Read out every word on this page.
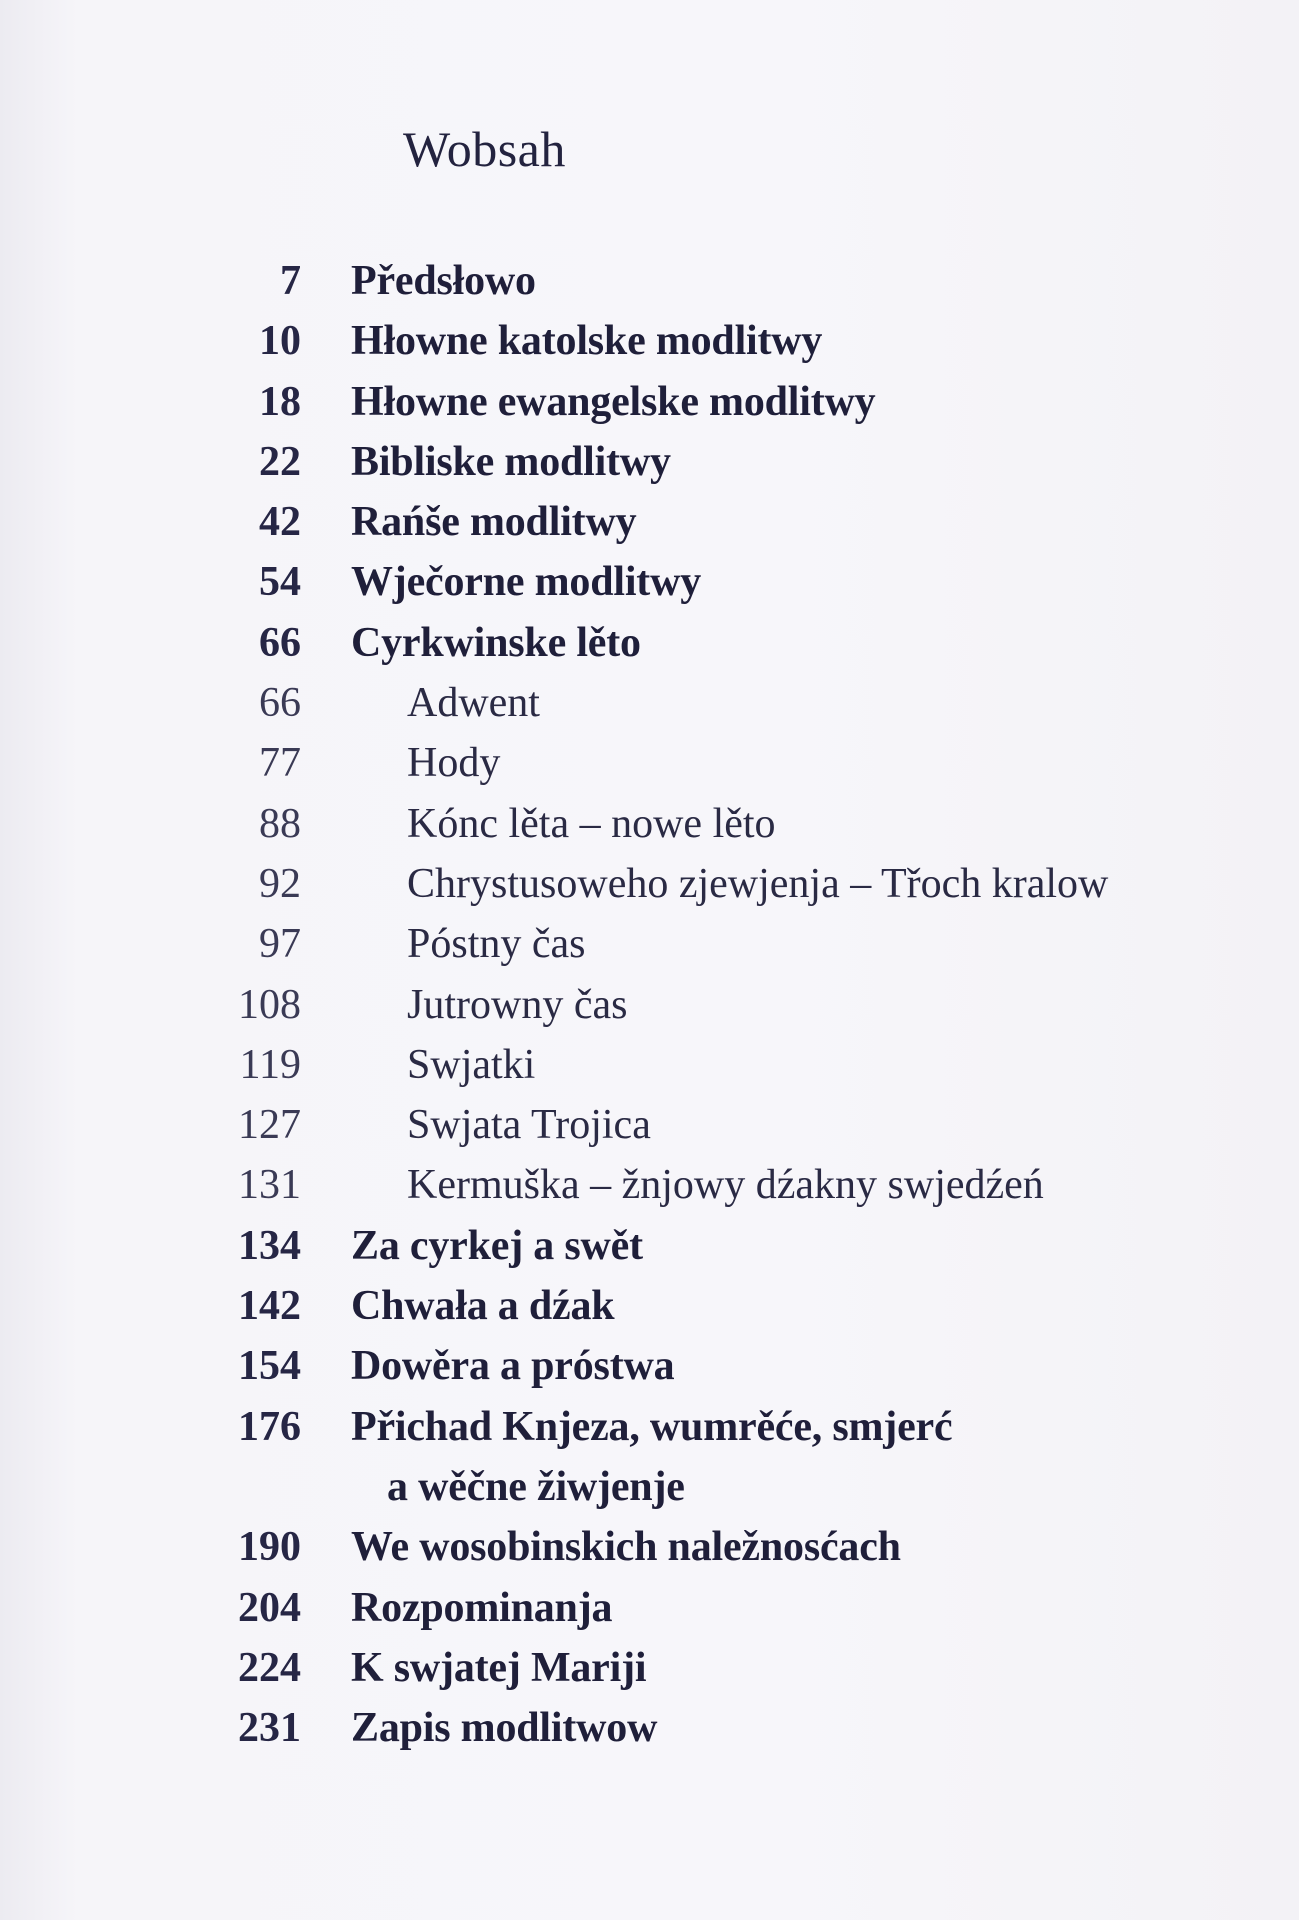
Wobsah
7 Předsłowo
10 Hłowne katolske modlitwy
18 Hłowne ewangelske modlitwy
22 Bibliske modlitwy
42 Rańše modlitwy
54 Wječorne modlitwy
66 Cyrkwinske lěto
66	Adwent
77	Hody
88	Kónc lěta – nowe lěto
92	Chrystusoweho zjewjenja – Třoch kralow
97	Póstny čas
108	Jutrowny čas
119	Swjatki
127	Swjata Trojica
131	Kermuška – žnjowy dźakny swjedźeń
134 Za cyrkej a swět
142 Chwała a dźak
154 Dowěra a próstwa
176 Přichad Knjeza, wumrěće, smjerć
a wěčne žiwjenje
190 We wosobinskich naležnosćach
204 Rozpominanja
224 K swjatej Mariji
231 Zapis modlitwow
